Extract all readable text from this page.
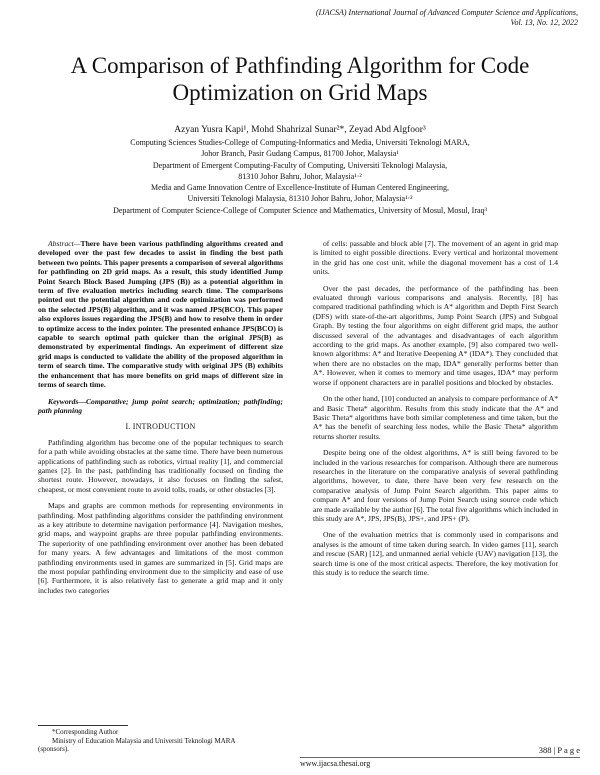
(IJACSA) International Journal of Advanced Computer Science and Applications,
Vol. 13, No. 12, 2022
A Comparison of Pathfinding Algorithm for Code
Optimization on Grid Maps
Azyan Yusra Kapi¹, Mohd Shahrizal Sunar²*, Zeyad Abd Algfoor³
Computing Sciences Studies-College of Computing-Informatics and Media, Universiti Teknologi MARA,
Johor Branch, Pasir Gudang Campus, 81700 Johor, Malaysia¹
Department of Emergent Computing-Faculty of Computing, Universiti Teknologi Malaysia,
81310 Johor Bahru, Johor, Malaysia¹·²
Media and Game Innovation Centre of Excellence-Institute of Human Centered Engineering,
Universiti Teknologi Malaysia, 81310 Johor Bahru, Johor, Malaysia¹·²
Department of Computer Science-College of Computer Science and Mathematics, University of Mosul, Mosul, Iraq³

Abstract—There have been various pathfinding algorithms created and developed over the past few decades to assist in finding the best path between two points. This paper presents a comparison of several algorithms for pathfinding on 2D grid maps. As a result, this study identified Jump Point Search Block Based Jumping (JPS (B)) as a potential algorithm in term of five evaluation metrics including search time. The comparisons pointed out the potential algorithm and code optimization was performed on the selected JPS(B) algorithm, and it was named JPS(BCO). This paper also explores issues regarding the JPS(B) and how to resolve them in order to optimize access to the index pointer. The presented enhance JPS(BCO) is capable to search optimal path quicker than the original JPS(B) as demonstrated by experimental findings. An experiment of different size grid maps is conducted to validate the ability of the proposed algorithm in term of search time. The comparative study with original JPS (B) exhibits the enhancement that has more benefits on grid maps of different size in terms of search time.

Keywords—Comparative; jump point search; optimization; pathfinding; path planning

I. INTRODUCTION

Pathfinding algorithm has become one of the popular techniques to search for a path while avoiding obstacles at the same time. There have been numerous applications of pathfinding such as robotics, virtual reality [1], and commercial games [2]. In the past, pathfinding has traditionally focused on finding the shortest route. However, nowadays, it also focuses on finding the safest, cheapest, or most convenient route to avoid tolls, roads, or other obstacles [3].

Maps and graphs are common methods for representing environments in pathfinding. Most pathfinding algorithms consider the pathfinding environment as a key attribute to determine navigation performance [4]. Navigation meshes, grid maps, and waypoint graphs are three popular pathfinding environments. The superiority of one pathfinding environment over another has been debated for many years. A few advantages and limitations of the most common pathfinding environments used in games are summarized in [5]. Grid maps are the most popular pathfinding environment due to the simplicity and ease of use [6]. Furthermore, it is also relatively fast to generate a grid map and it only includes two categories

of cells: passable and block able [7]. The movement of an agent in grid map is limited to eight possible directions. Every vertical and horizontal movement in the grid has one cost unit, while the diagonal movement has a cost of 1.4 units.

Over the past decades, the performance of the pathfinding has been evaluated through various comparisons and analysis. Recently, [8] has compared traditional pathfinding which is A* algorithm and Depth First Search (DFS) with state-of-the-art algorithms, Jump Point Search (JPS) and Subgoal Graph. By testing the four algorithms on eight different grid maps, the author discussed several of the advantages and disadvantages of each algorithm according to the grid maps. As another example, [9] also compared two well-known algorithms: A* and Iterative Deepening A* (IDA*). They concluded that when there are no obstacles on the map, IDA* generally performs better than A*. However, when it comes to memory and time usages, IDA* may perform worse if opponent characters are in parallel positions and blocked by obstacles.

On the other hand, [10] conducted an analysis to compare performance of A* and Basic Theta* algorithm. Results from this study indicate that the A* and Basic Theta* algorithms have both similar completeness and time taken, but the A* has the benefit of searching less nodes, while the Basic Theta* algorithm returns shorter results.

Despite being one of the oldest algorithms, A* is still being favored to be included in the various researches for comparison. Although there are numerous researches in the literature on the comparative analysis of several pathfinding algorithms, however, to date, there have been very few research on the comparative analysis of Jump Point Search algorithm. This paper aims to compare A* and four versions of Jump Point Search using source code which are made available by the author [6]. The total five algorithms which included in this study are A*, JPS, JPS(B), JPS+, and JPS+ (P).

One of the evaluation metrics that is commonly used in comparisons and analyses is the amount of time taken during search. In video games [11], search and rescue (SAR) [12], and unmanned aerial vehicle (UAV) navigation [13], the search time is one of the most critical aspects. Therefore, the key motivation for this study is to reduce the search time.

*Corresponding Author
Ministry of Education Malaysia and Universiti Teknologi MARA
(sponsors).	388 | P a g e
www.ijacsa.thesai.org
